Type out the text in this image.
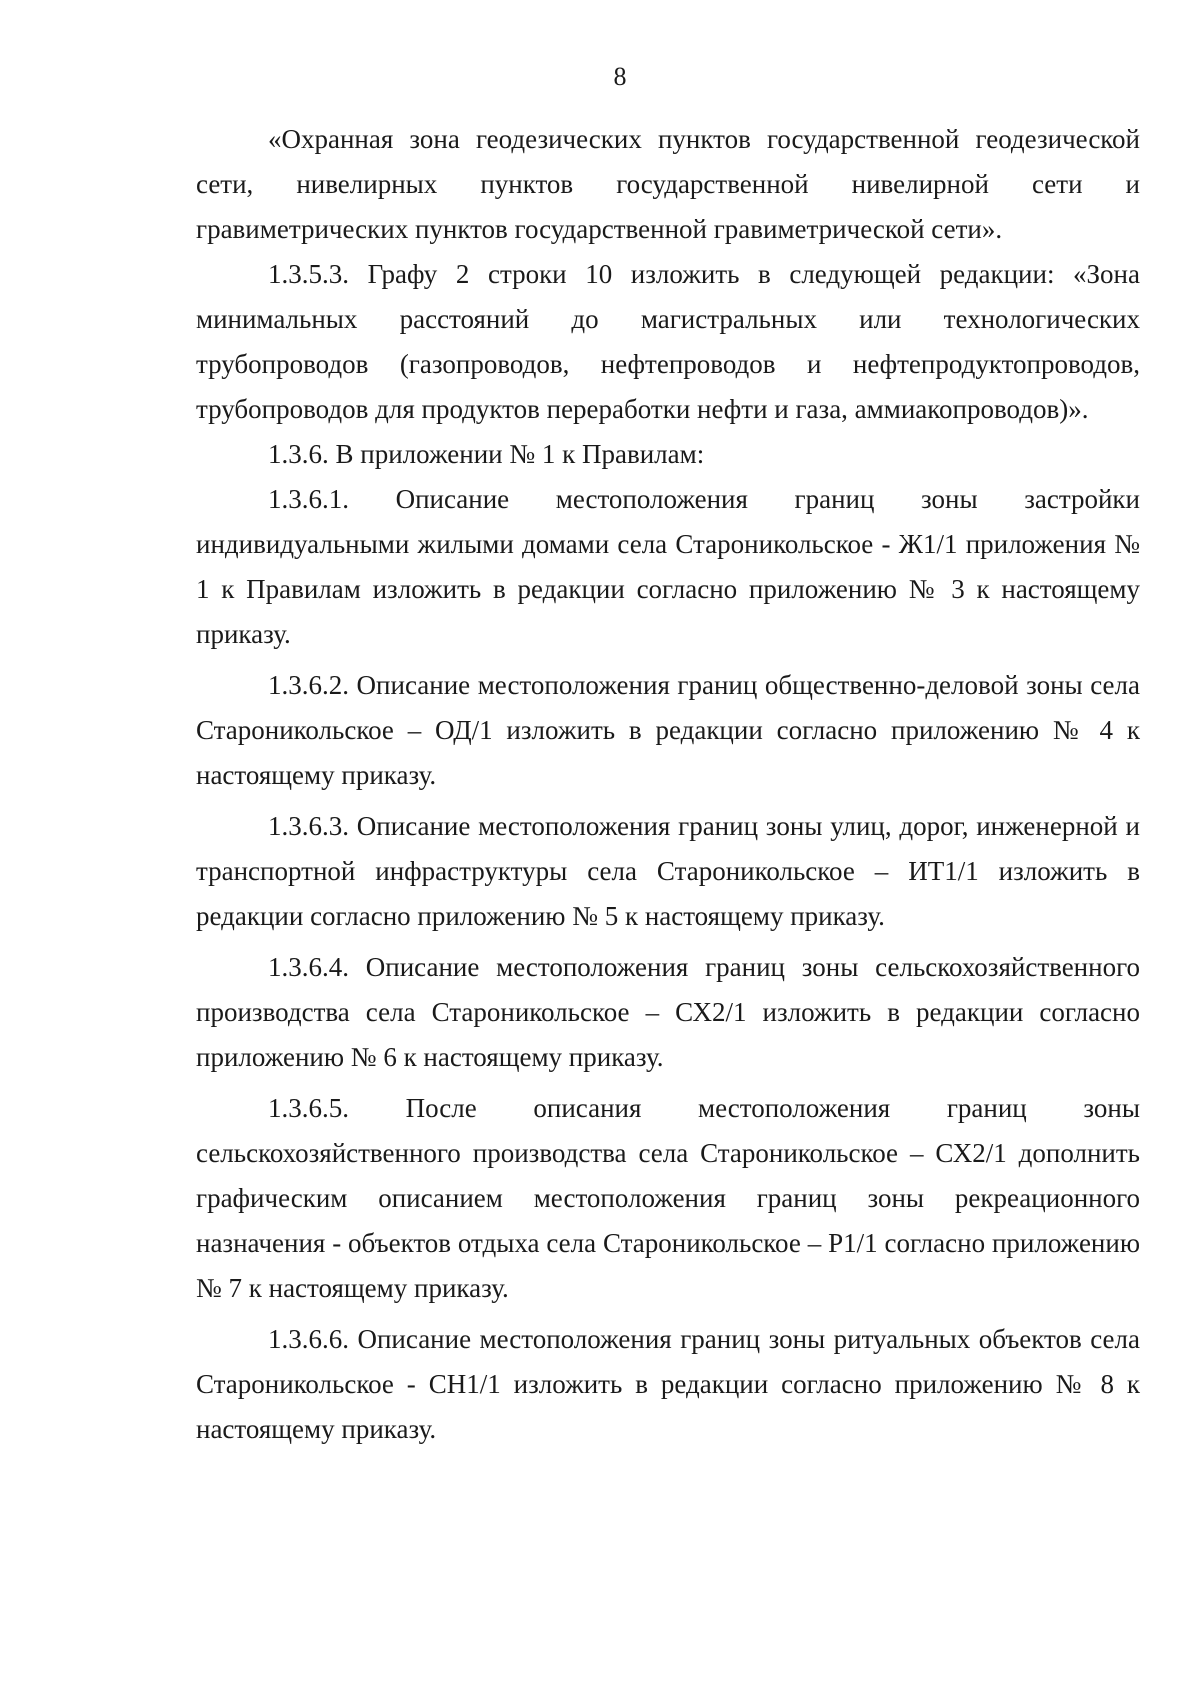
8

«Охранная зона геодезических пунктов государственной геодезической сети, нивелирных пунктов государственной нивелирной сети и гравиметрических пунктов государственной гравиметрической сети».

1.3.5.3. Графу 2 строки 10 изложить в следующей редакции: «Зона минимальных расстояний до магистральных или технологических трубопроводов (газопроводов, нефтепроводов и нефтепродуктопроводов, трубопроводов для продуктов переработки нефти и газа, аммиакопроводов)».

1.3.6. В приложении № 1 к Правилам:

1.3.6.1. Описание местоположения границ зоны застройки индивидуальными жилыми домами села Староникольское - Ж1/1 приложения № 1 к Правилам изложить в редакции согласно приложению № 3 к настоящему приказу.

1.3.6.2. Описание местоположения границ общественно-деловой зоны села Староникольское – ОД/1 изложить в редакции согласно приложению № 4 к настоящему приказу.

1.3.6.3. Описание местоположения границ зоны улиц, дорог, инженерной и транспортной инфраструктуры села Староникольское – ИТ1/1 изложить в редакции согласно приложению № 5 к настоящему приказу.

1.3.6.4. Описание местоположения границ зоны сельскохозяйственного производства села Староникольское – СХ2/1 изложить в редакции согласно приложению № 6 к настоящему приказу.

1.3.6.5. После описания местоположения границ зоны сельскохозяйственного производства села Староникольское – СХ2/1 дополнить графическим описанием местоположения границ зоны рекреационного назначения - объектов отдыха села Староникольское – Р1/1 согласно приложению № 7 к настоящему приказу.

1.3.6.6. Описание местоположения границ зоны ритуальных объектов села Староникольское - СН1/1 изложить в редакции согласно приложению № 8 к настоящему приказу.
